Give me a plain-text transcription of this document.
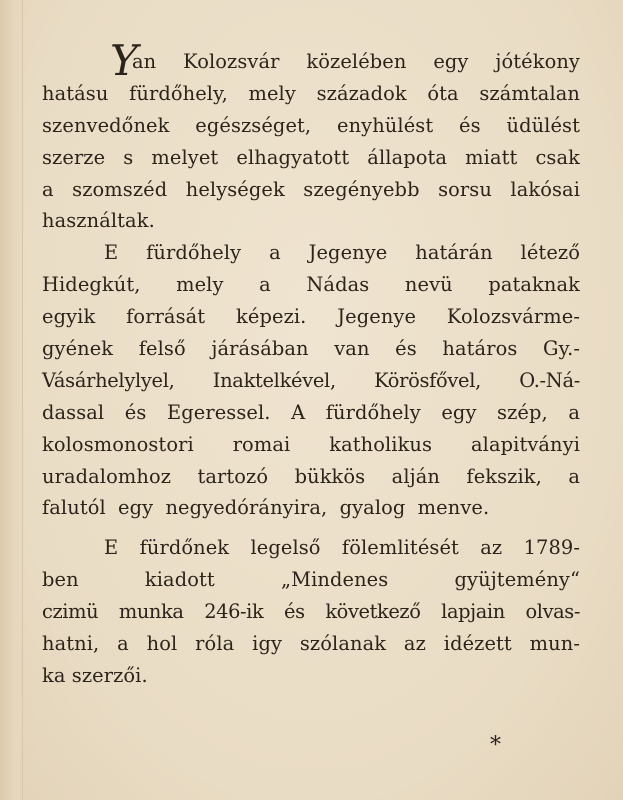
Y
an Kolozsvár közelében egy jótékony
hatásu fürdőhely, mely századok óta számtalan
szenvedőnek egészséget, enyhülést és üdülést
szerze s melyet elhagyatott állapota miatt csak
a szomszéd helységek szegényebb sorsu lakósai
használtak.
E fürdőhely a Jegenye határán létező
Hidegkút, mely a Nádas nevü pataknak
egyik forrását képezi. Jegenye Kolozsvárme-
gyének felső járásában van és határos Gy.-
Vásárhelylyel, Inaktelkével, Körösfővel, O.-Ná-
dassal és Egeressel. A fürdőhely egy szép, a
kolosmonostori romai katholikus alapitványi
uradalomhoz tartozó bükkös alján fekszik, a
falutól egy negyedórányira, gyalog menve.
E fürdőnek legelső fölemlitését az 1789-
ben kiadott „Mindenes gyüjtemény“
czimü munka 246-ik és következő lapjain olvas-
hatni, a hol róla igy szólanak az idézett mun-
ka szerzői.
*
